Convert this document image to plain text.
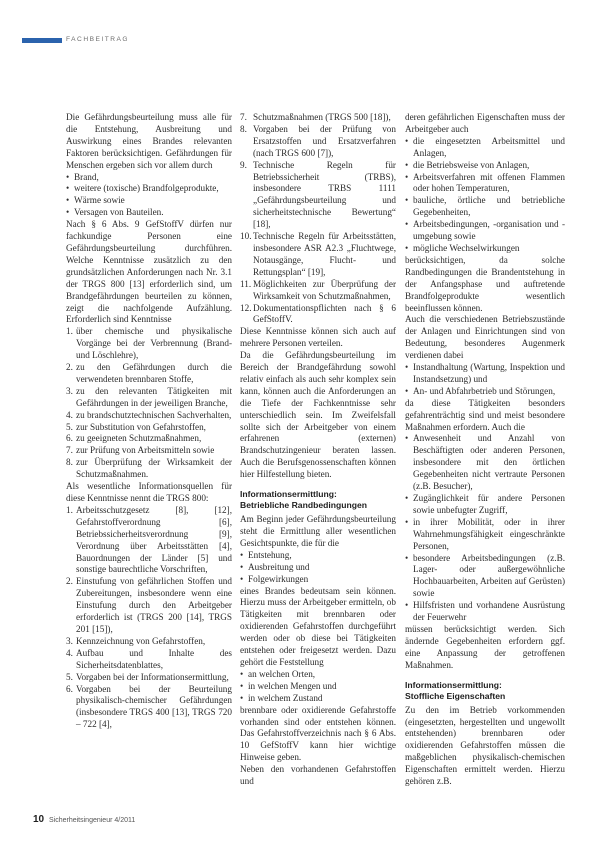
FACHBEITRAG

Die Gefährdungsbeurteilung muss alle für die Entstehung, Ausbreitung und Auswirkung eines Brandes relevanten Faktoren berücksichtigen. Gefährdungen für Menschen ergeben sich vor allem durch

• Brand,
• weitere (toxische) Brandfolgeprodukte,
• Wärme sowie
• Versagen von Bauteilen.

Nach § 6 Abs. 9 GefStoffV dürfen nur fachkundige Personen eine Gefährdungsbeurteilung durchführen. Welche Kenntnisse zusätzlich zu den grundsätzlichen Anforderungen nach Nr. 3.1 der TRGS 800 [13] erforderlich sind, um Brandgefährdungen beurteilen zu können, zeigt die nachfolgende Aufzählung. Erforderlich sind Kenntnisse

1. über chemische und physikalische Vorgänge bei der Verbrennung (Brand- und Löschlehre),
2. zu den Gefährdungen durch die verwendeten brennbaren Stoffe,
3. zu den relevanten Tätigkeiten mit Gefährdungen in der jeweiligen Branche,
4. zu brandschutztechnischen Sachverhalten,
5. zur Substitution von Gefahrstoffen,
6. zu geeigneten Schutzmaßnahmen,
7. zur Prüfung von Arbeitsmitteln sowie
8. zur Überprüfung der Wirksamkeit der Schutzmaßnahmen.

Als wesentliche Informationsquellen für diese Kenntnisse nennt die TRGS 800:

1. Arbeitsschutzgesetz [8], [12], Gefahrstoffverordnung [6], Betriebssicherheitsverordnung [9], Verordnung über Arbeitsstätten [4], Bauordnungen der Länder [5] und sonstige baurechtliche Vorschriften,
2. Einstufung von gefährlichen Stoffen und Zubereitungen, insbesondere wenn eine Einstufung durch den Arbeitgeber erforderlich ist (TRGS 200 [14], TRGS 201 [15]),
3. Kennzeichnung von Gefahrstoffen,
4. Aufbau und Inhalte des Sicherheitsdatenblattes,
5. Vorgaben bei der Informationsermittlung,
6. Vorgaben bei der Beurteilung physikalisch-chemischer Gefährdungen (insbesondere TRGS 400 [13], TRGS 720 – 722 [4],
7. Schutzmaßnahmen (TRGS 500 [18]),
8. Vorgaben bei der Prüfung von Ersatzstoffen und Ersatzverfahren (nach TRGS 600 [7]),
9. Technische Regeln für Betriebssicherheit (TRBS), insbesondere TRBS 1111 „Gefährdungsbeurteilung und sicherheitstechnische Bewertung“ [18],
10. Technische Regeln für Arbeitsstätten, insbesondere ASR A2.3 „Fluchtwege, Notausgänge, Flucht- und Rettungsplan“ [19],
11. Möglichkeiten zur Überprüfung der Wirksamkeit von Schutzmaßnahmen,
12. Dokumentationspflichten nach § 6 GefStoffV.

Diese Kenntnisse können sich auch auf mehrere Personen verteilen.

Da die Gefährdungsbeurteilung im Bereich der Brandgefährdung sowohl relativ einfach als auch sehr komplex sein kann, können auch die Anforderungen an die Tiefe der Fachkenntnisse sehr unterschiedlich sein. Im Zweifelsfall sollte sich der Arbeitgeber von einem erfahrenen (externen) Brandschutzingenieur beraten lassen. Auch die Berufsgenossenschaften können hier Hilfestellung bieten.

Informationsermittlung:
Betriebliche Randbedingungen

Am Beginn jeder Gefährdungsbeurteilung steht die Ermittlung aller wesentlichen Gesichtspunkte, die für die

• Entstehung,
• Ausbreitung und
• Folgewirkungen

eines Brandes bedeutsam sein können. Hierzu muss der Arbeitgeber ermitteln, ob Tätigkeiten mit brennbaren oder oxidierenden Gefahrstoffen durchgeführt werden oder ob diese bei Tätigkeiten entstehen oder freigesetzt werden. Dazu gehört die Feststellung

• an welchen Orten,
• in welchen Mengen und
• in welchem Zustand

brennbare oder oxidierende Gefahrstoffe vorhanden sind oder entstehen können. Das Gefahrstoffverzeichnis nach § 6 Abs. 10 GefStoffV kann hier wichtige Hinweise geben.

Neben den vorhandenen Gefahrstoffen und

deren gefährlichen Eigenschaften muss der Arbeitgeber auch

• die eingesetzten Arbeitsmittel und Anlagen,
• die Betriebsweise von Anlagen,
• Arbeitsverfahren mit offenen Flammen oder hohen Temperaturen,
• bauliche, örtliche und betriebliche Gegebenheiten,
• Arbeitsbedingungen, -organisation und -umgebung sowie
• mögliche Wechselwirkungen

berücksichtigen, da solche Randbedingungen die Brandentstehung in der Anfangsphase und auftretende Brandfolgeprodukte wesentlich beeinflussen können.

Auch die verschiedenen Betriebszustände der Anlagen und Einrichtungen sind von Bedeutung, besonderes Augenmerk verdienen dabei

• Instandhaltung (Wartung, Inspektion und Instandsetzung) und
• An- und Abfahrbetrieb und Störungen,

da diese Tätigkeiten besonders gefahrenträchtig sind und meist besondere Maßnahmen erfordern. Auch die

• Anwesenheit und Anzahl von Beschäftigten oder anderen Personen, insbesondere mit den örtlichen Gegebenheiten nicht vertraute Personen (z.B. Besucher),
• Zugänglichkeit für andere Personen sowie unbefugter Zugriff,
• in ihrer Mobilität, oder in ihrer Wahrnehmungsfähigkeit eingeschränkte Personen,
• besondere Arbeitsbedingungen (z.B. Lager- oder außergewöhnliche Hochbauarbeiten, Arbeiten auf Gerüsten) sowie
• Hilfsfristen und vorhandene Ausrüstung der Feuerwehr

müssen berücksichtigt werden. Sich ändernde Gegebenheiten erfordern ggf. eine Anpassung der getroffenen Maßnahmen.

Informationsermittlung:
Stoffliche Eigenschaften

Zu den im Betrieb vorkommenden (eingesetzten, hergestellten und ungewollt entstehenden) brennbaren oder oxidierenden Gefahrstoffen müssen die maßgeblichen physikalisch-chemischen Eigenschaften ermittelt werden. Hierzu gehören z.B.

10 Sicherheitsingenieur 4/2011
